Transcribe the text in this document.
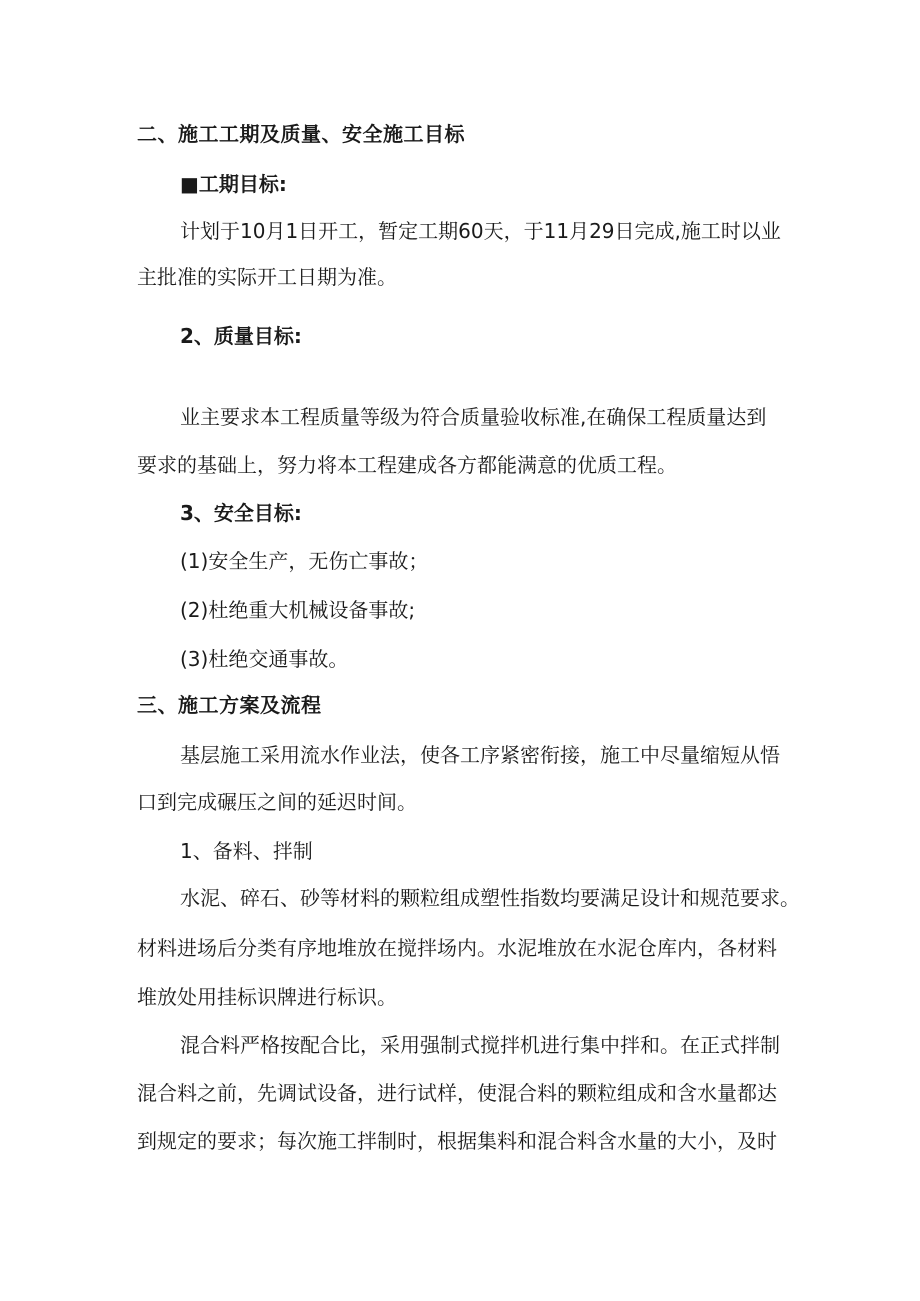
二、施工工期及质量、安全施工目标
■工期目标:
计划于10月1日开工，暂定工期60天，于11月29日完成,施工时以业
主批准的实际开工日期为准。
2、质量目标:
业主要求本工程质量等级为符合质量验收标准,在确保工程质量达到
要求的基础上，努力将本工程建成各方都能满意的优质工程。
3、安全目标:
(1)安全生产，无伤亡事故；
(2)杜绝重大机械设备事故;
(3)杜绝交通事故。
三、施工方案及流程
基层施工采用流水作业法，使各工序紧密衔接，施工中尽量缩短从悟
口到完成碾压之间的延迟时间。
1、备料、拌制
水泥、碎石、砂等材料的颗粒组成塑性指数均要满足设计和规范要求。
材料进场后分类有序地堆放在搅拌场内。水泥堆放在水泥仓库内，各材料
堆放处用挂标识牌进行标识。
混合料严格按配合比，采用强制式搅拌机进行集中拌和。在正式拌制
混合料之前，先调试设备，进行试样，使混合料的颗粒组成和含水量都达
到规定的要求；每次施工拌制时，根据集料和混合料含水量的大小，及时
